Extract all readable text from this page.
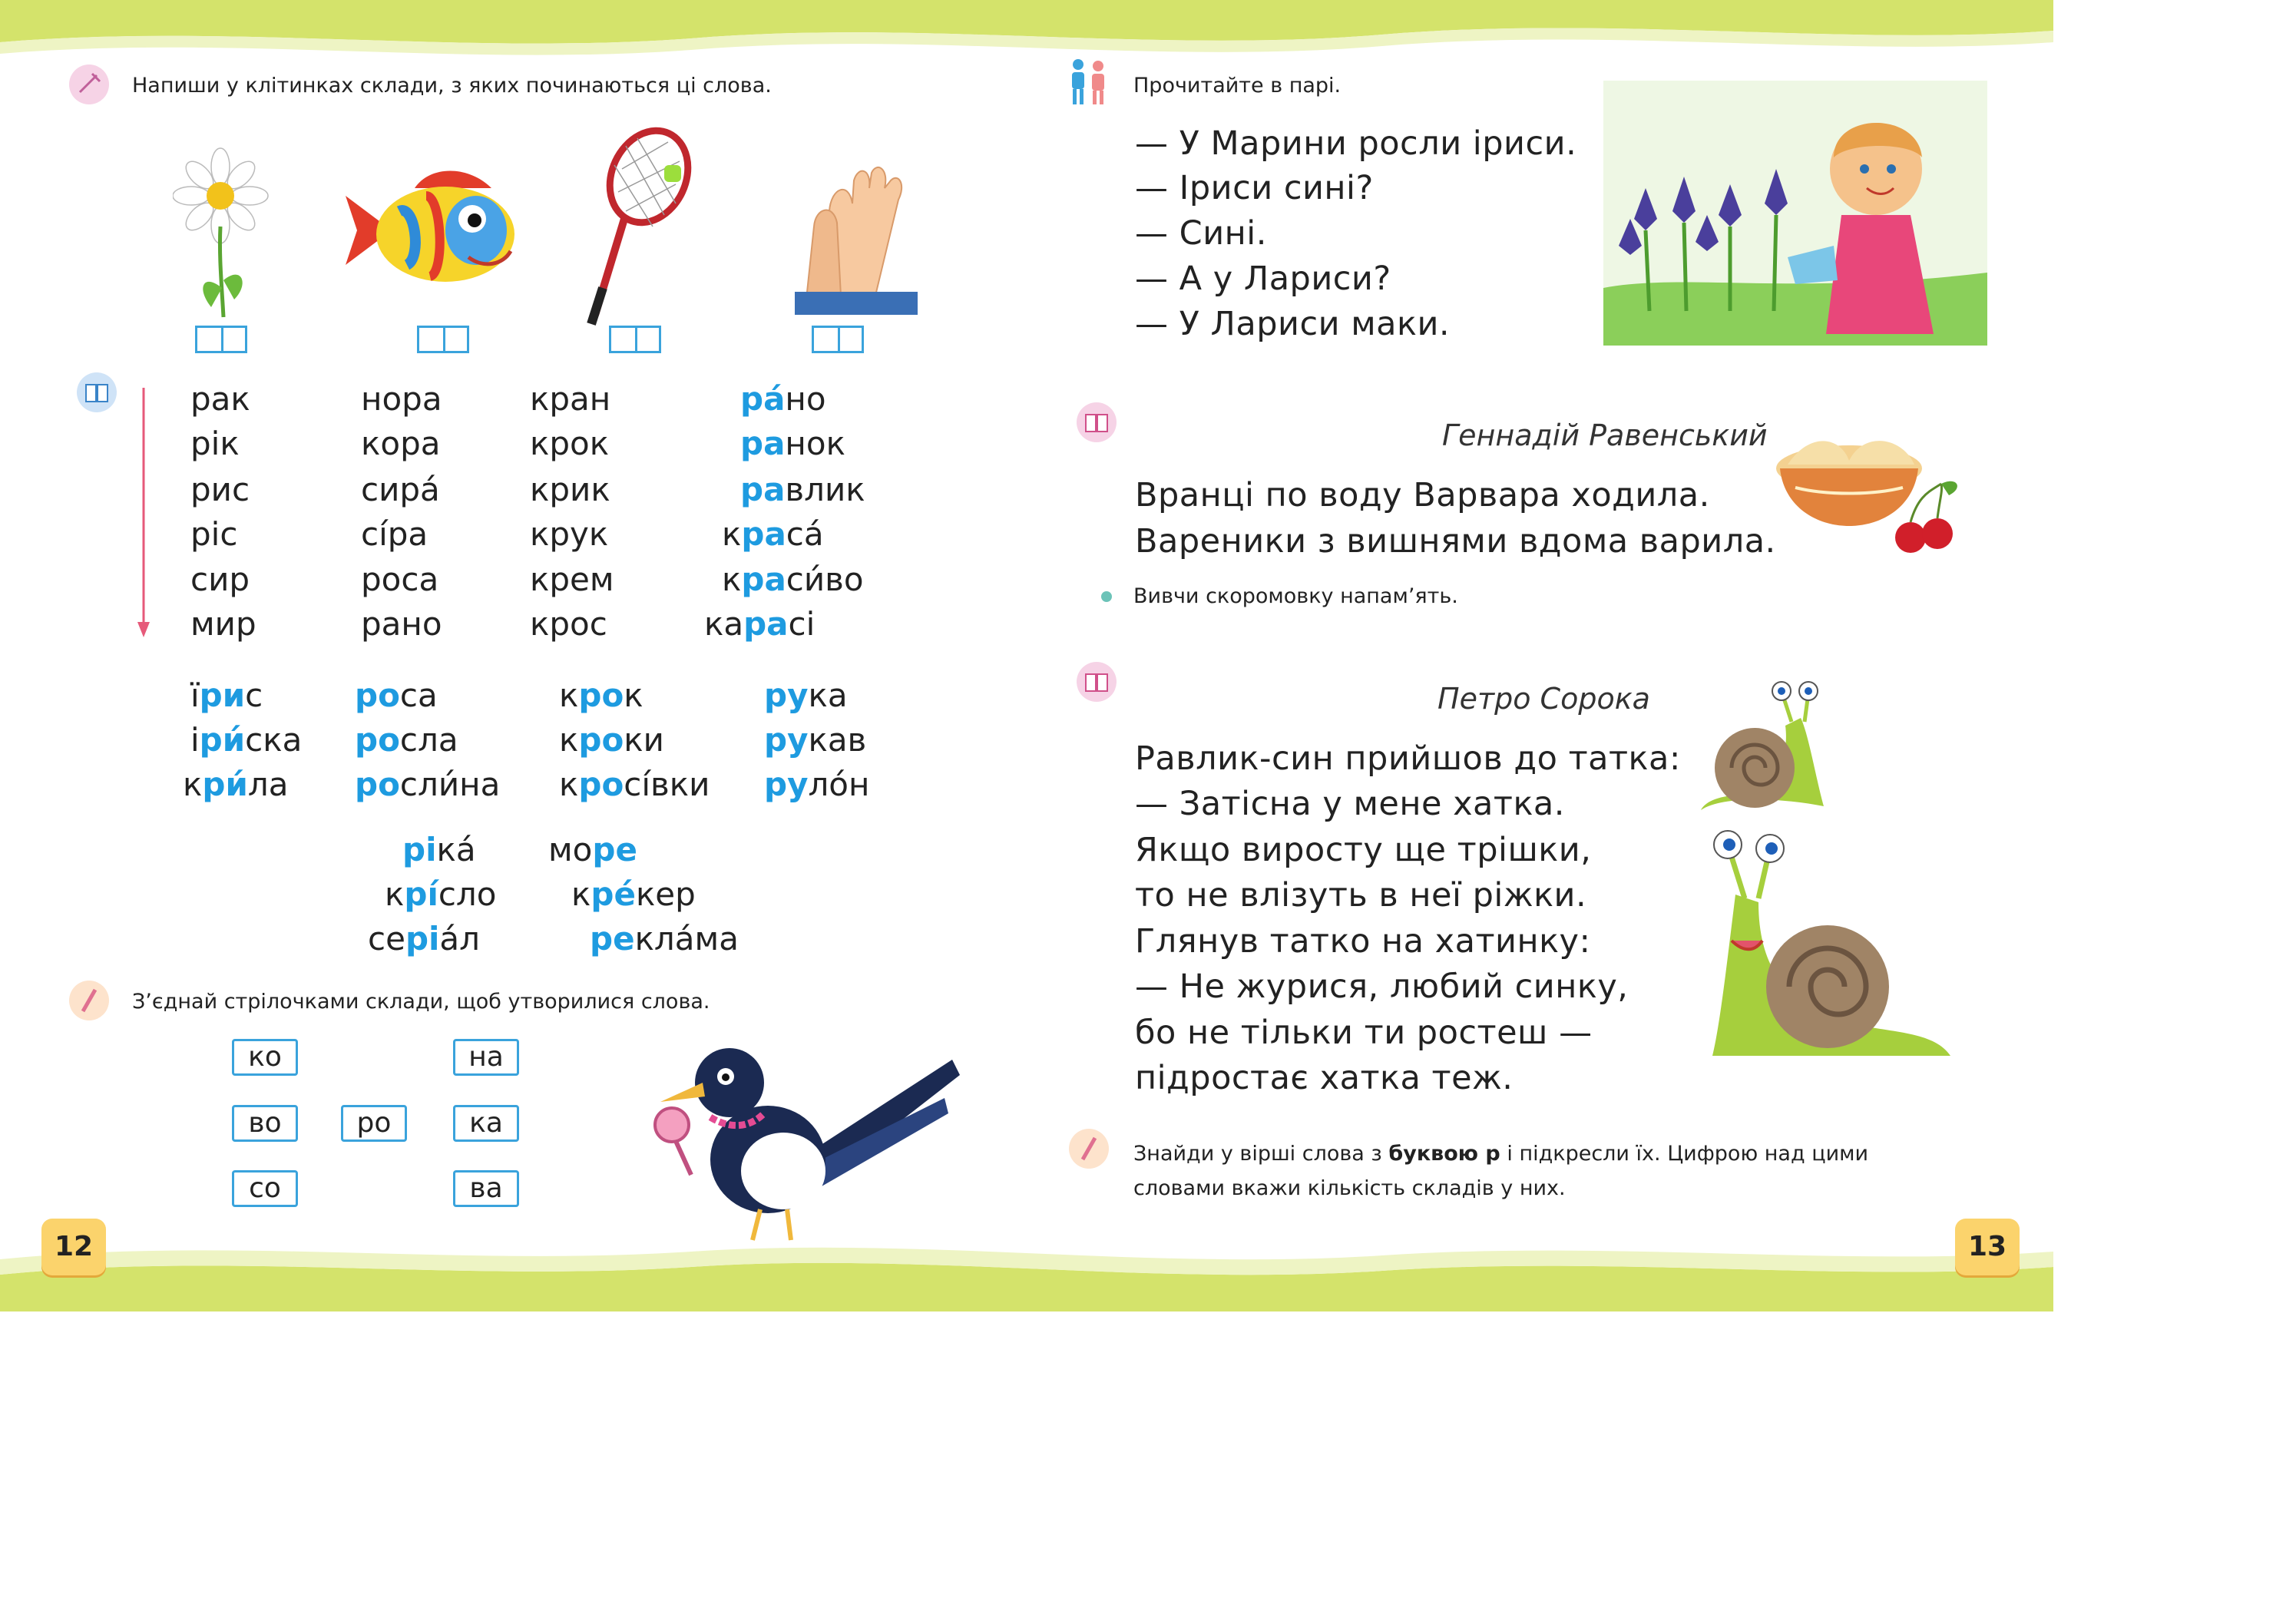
Напиши у клітинках склади, з яких починаються ці слова.
рак
рік
рис
ріс
сир
мир
нора
кора
сира́
сі́ра
роса
рано
кран
крок
крик
крук
крем
крос
ра́но
ранок
равлик
краса́
краси́во
карасі
їрис
іри́ска
кри́ла
роса
росла
росли́на
крок
кроки
кросі́вки
рука
рукав
руло́н
ріка́
крі́сло
серіа́л
море
кре́кер
рекла́ма
З’єднай стрілочками склади, щоб утворилися слова.
ко
во
со
ро
на
ка
ва
12
Прочитайте в парі.
— У Марини росли іриси.
— Іриси сині?
— Сині.
— А у Лариси?
— У Лариси маки.
Геннадій Равенський
Вранці по воду Варвара ходила.
Вареники з вишнями вдома варила.
Вивчи скоромовку напам’ять.
Петро Сорока
Равлик-син прийшов до татка:
— Затісна у мене хатка.
Якщо виросту ще трішки,
то не влізуть в неї ріжки.
Глянув татко на хатинку:
— Не журися, любий синку,
бо не тільки ти ростеш —
підростає хатка теж.
Знайди у вірші слова з буквою р і підкресли їх. Цифрою над цими
словами вкажи кількість складів у них.
13
